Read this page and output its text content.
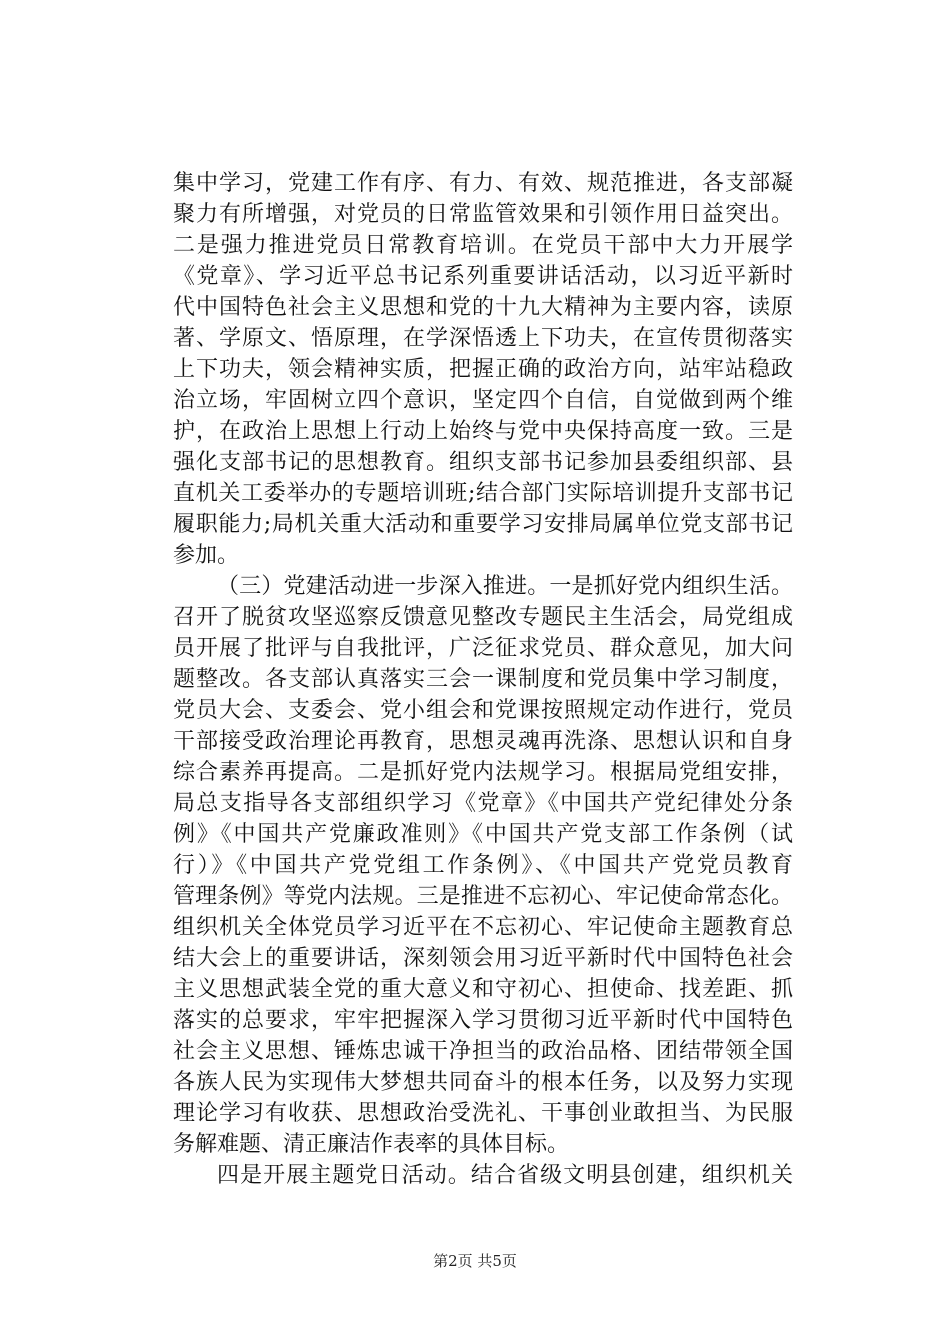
集中学习，党建工作有序、有力、有效、规范推进，各支部凝
聚力有所增强，对党员的日常监管效果和引领作用日益突出。
二是强力推进党员日常教育培训。在党员干部中大力开展学
《党章》、学习近平总书记系列重要讲话活动，以习近平新时
代中国特色社会主义思想和党的十九大精神为主要内容，读原
著、学原文、悟原理，在学深悟透上下功夫，在宣传贯彻落实
上下功夫，领会精神实质，把握正确的政治方向，站牢站稳政
治立场，牢固树立四个意识，坚定四个自信，自觉做到两个维
护，在政治上思想上行动上始终与党中央保持高度一致。三是
强化支部书记的思想教育。组织支部书记参加县委组织部、县
直机关工委举办的专题培训班;结合部门实际培训提升支部书记
履职能力;局机关重大活动和重要学习安排局属单位党支部书记
参加。
（三）党建活动进一步深入推进。一是抓好党内组织生活。
召开了脱贫攻坚巡察反馈意见整改专题民主生活会，局党组成
员开展了批评与自我批评，广泛征求党员、群众意见，加大问
题整改。各支部认真落实三会一课制度和党员集中学习制度，
党员大会、支委会、党小组会和党课按照规定动作进行，党员
干部接受政治理论再教育，思想灵魂再洗涤、思想认识和自身
综合素养再提高。二是抓好党内法规学习。根据局党组安排，
局总支指导各支部组织学习《党章》《中国共产党纪律处分条
例》《中国共产党廉政准则》《中国共产党支部工作条例（试
行）》《中国共产党党组工作条例》、《中国共产党党员教育
管理条例》等党内法规。三是推进不忘初心、牢记使命常态化。
组织机关全体党员学习近平在不忘初心、牢记使命主题教育总
结大会上的重要讲话，深刻领会用习近平新时代中国特色社会
主义思想武装全党的重大意义和守初心、担使命、找差距、抓
落实的总要求，牢牢把握深入学习贯彻习近平新时代中国特色
社会主义思想、锤炼忠诚干净担当的政治品格、团结带领全国
各族人民为实现伟大梦想共同奋斗的根本任务，以及努力实现
理论学习有收获、思想政治受洗礼、干事创业敢担当、为民服
务解难题、清正廉洁作表率的具体目标。
四是开展主题党日活动。结合省级文明县创建，组织机关
第2页 共5页
